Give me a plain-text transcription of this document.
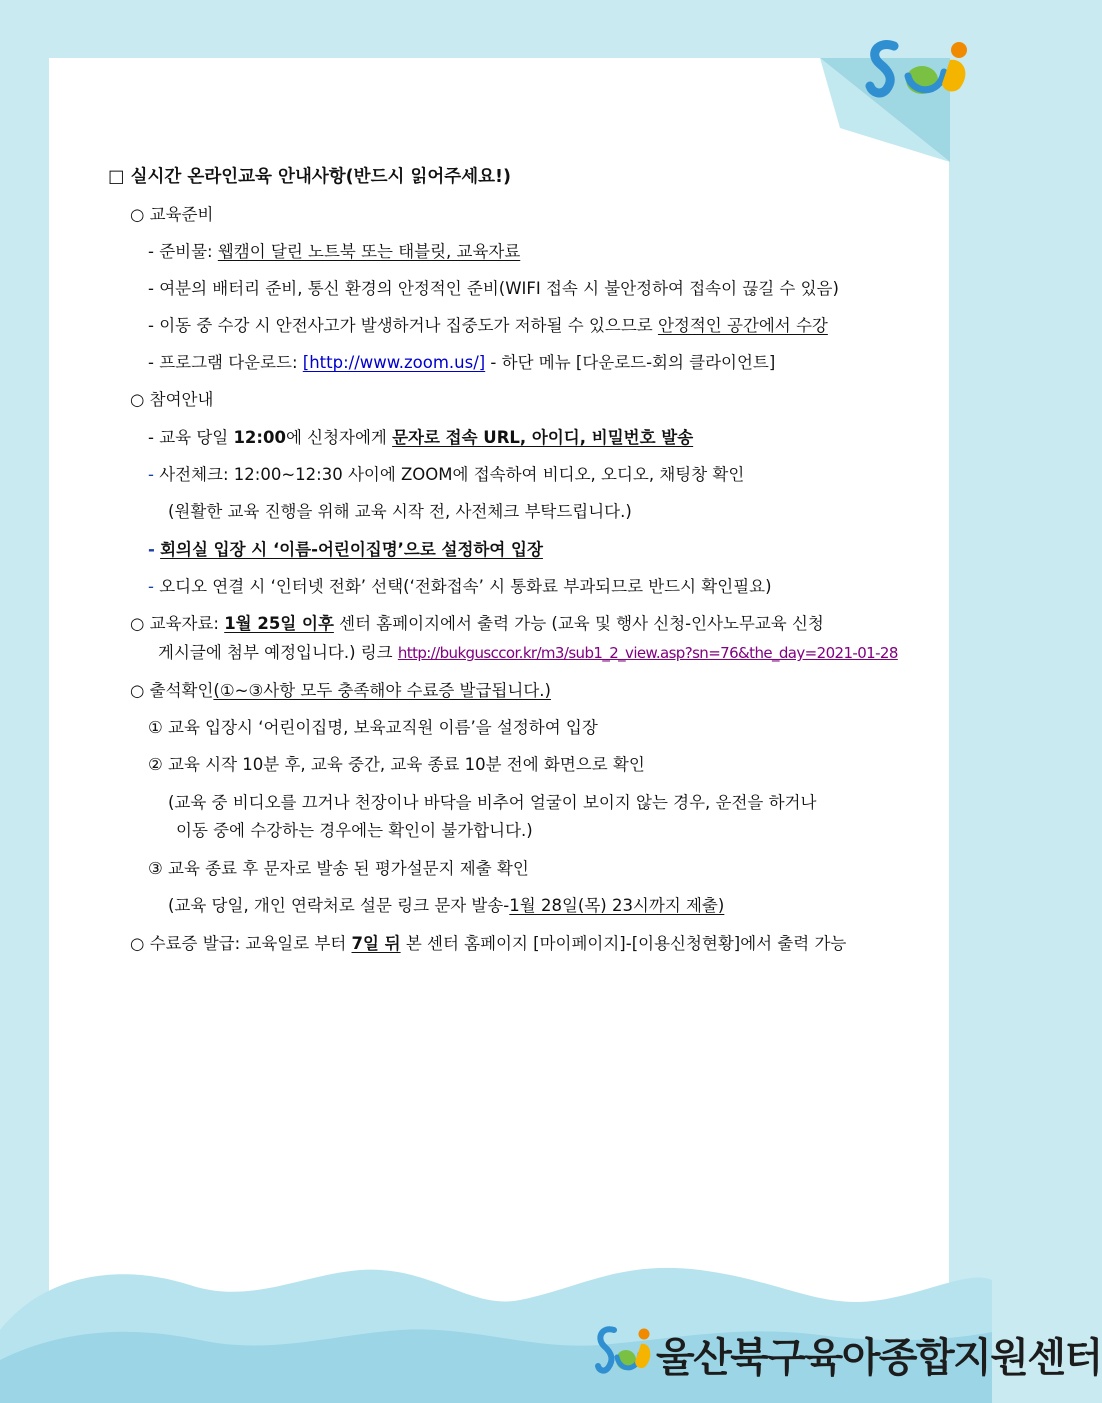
울산북구육아종합지원센터
□ 실시간 온라인교육 안내사항(반드시 읽어주세요!)
○ 교육준비
- 준비물: 웹캠이 달린 노트북 또는 태블릿, 교육자료
- 여분의 배터리 준비, 통신 환경의 안정적인 준비(WIFI 접속 시 불안정하여 접속이 끊길 수 있음)
- 이동 중 수강 시 안전사고가 발생하거나 집중도가 저하될 수 있으므로 안정적인 공간에서 수강
- 프로그램 다운로드: [http://www.zoom.us/] - 하단 메뉴 [다운로드-회의 클라이언트]
○ 참여안내
- 교육 당일 12:00에 신청자에게 문자로 접속 URL, 아이디, 비밀번호 발송
- 사전체크: 12:00~12:30 사이에 ZOOM에 접속하여 비디오, 오디오, 채팅창 확인
(원활한 교육 진행을 위해 교육 시작 전, 사전체크 부탁드립니다.)
- 회의실 입장 시 ‘이름-어린이집명’으로 설정하여 입장
- 오디오 연결 시 ‘인터넷 전화’ 선택(‘전화접속’ 시 통화료 부과되므로 반드시 확인필요)
○ 교육자료: 1월 25일 이후 센터 홈페이지에서 출력 가능 (교육 및 행사 신청-인사노무교육 신청
게시글에 첨부 예정입니다.) 링크 http://bukgusccor.kr/m3/sub1_2_view.asp?sn=76&the_day=2021-01-28
○ 출석확인(①~③사항 모두 충족해야 수료증 발급됩니다.)
① 교육 입장시 ‘어린이집명, 보육교직원 이름’을 설정하여 입장
② 교육 시작 10분 후, 교육 중간, 교육 종료 10분 전에 화면으로 확인
(교육 중 비디오를 끄거나 천장이나 바닥을 비추어 얼굴이 보이지 않는 경우, 운전을 하거나
이동 중에 수강하는 경우에는 확인이 불가합니다.)
③ 교육 종료 후 문자로 발송 된 평가설문지 제출 확인
(교육 당일, 개인 연락처로 설문 링크 문자 발송-1월 28일(목) 23시까지 제출)
○ 수료증 발급: 교육일로 부터 7일 뒤 본 센터 홈페이지 [마이페이지]-[이용신청현황]에서 출력 가능
